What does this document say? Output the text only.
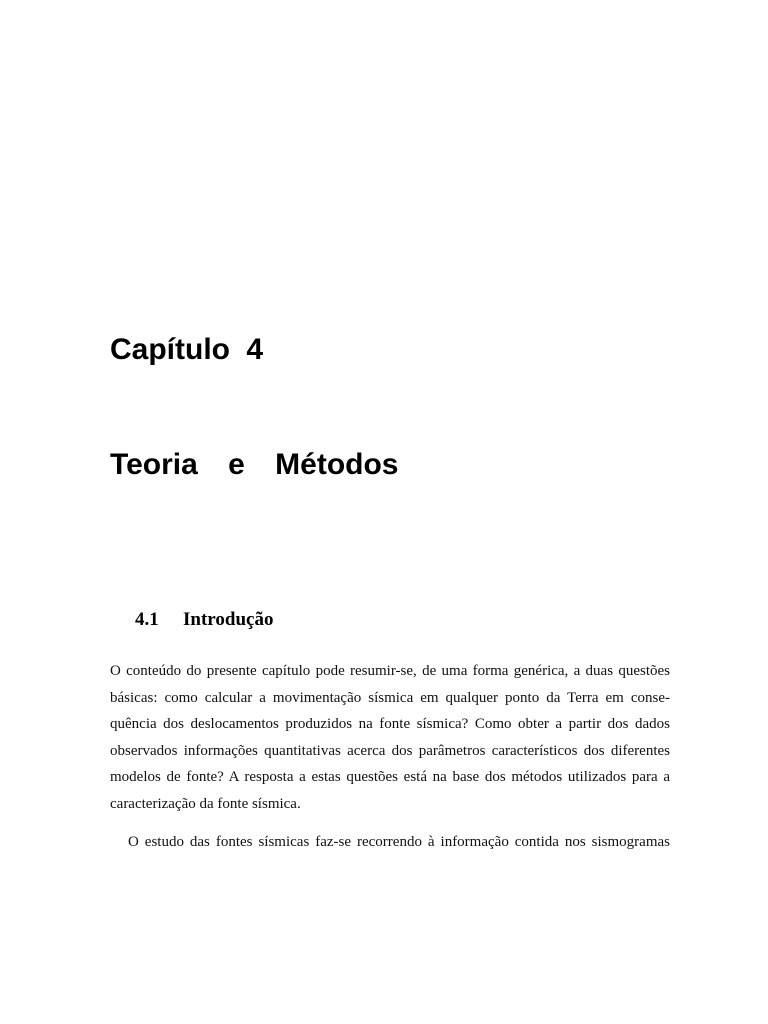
Capítulo 4
Teoria e Métodos
4.1 Introdução
O conteúdo do presente capítulo pode resumir-se, de uma forma genérica, a duas questões
básicas: como calcular a movimentação sísmica em qualquer ponto da Terra em conse-
quência dos deslocamentos produzidos na fonte sísmica? Como obter a partir dos dados
observados informações quantitativas acerca dos parâmetros característicos dos diferentes
modelos de fonte? A resposta a estas questões está na base dos métodos utilizados para a
caracterização da fonte sísmica.
O estudo das fontes sísmicas faz-se recorrendo à informação contida nos sismogramas
